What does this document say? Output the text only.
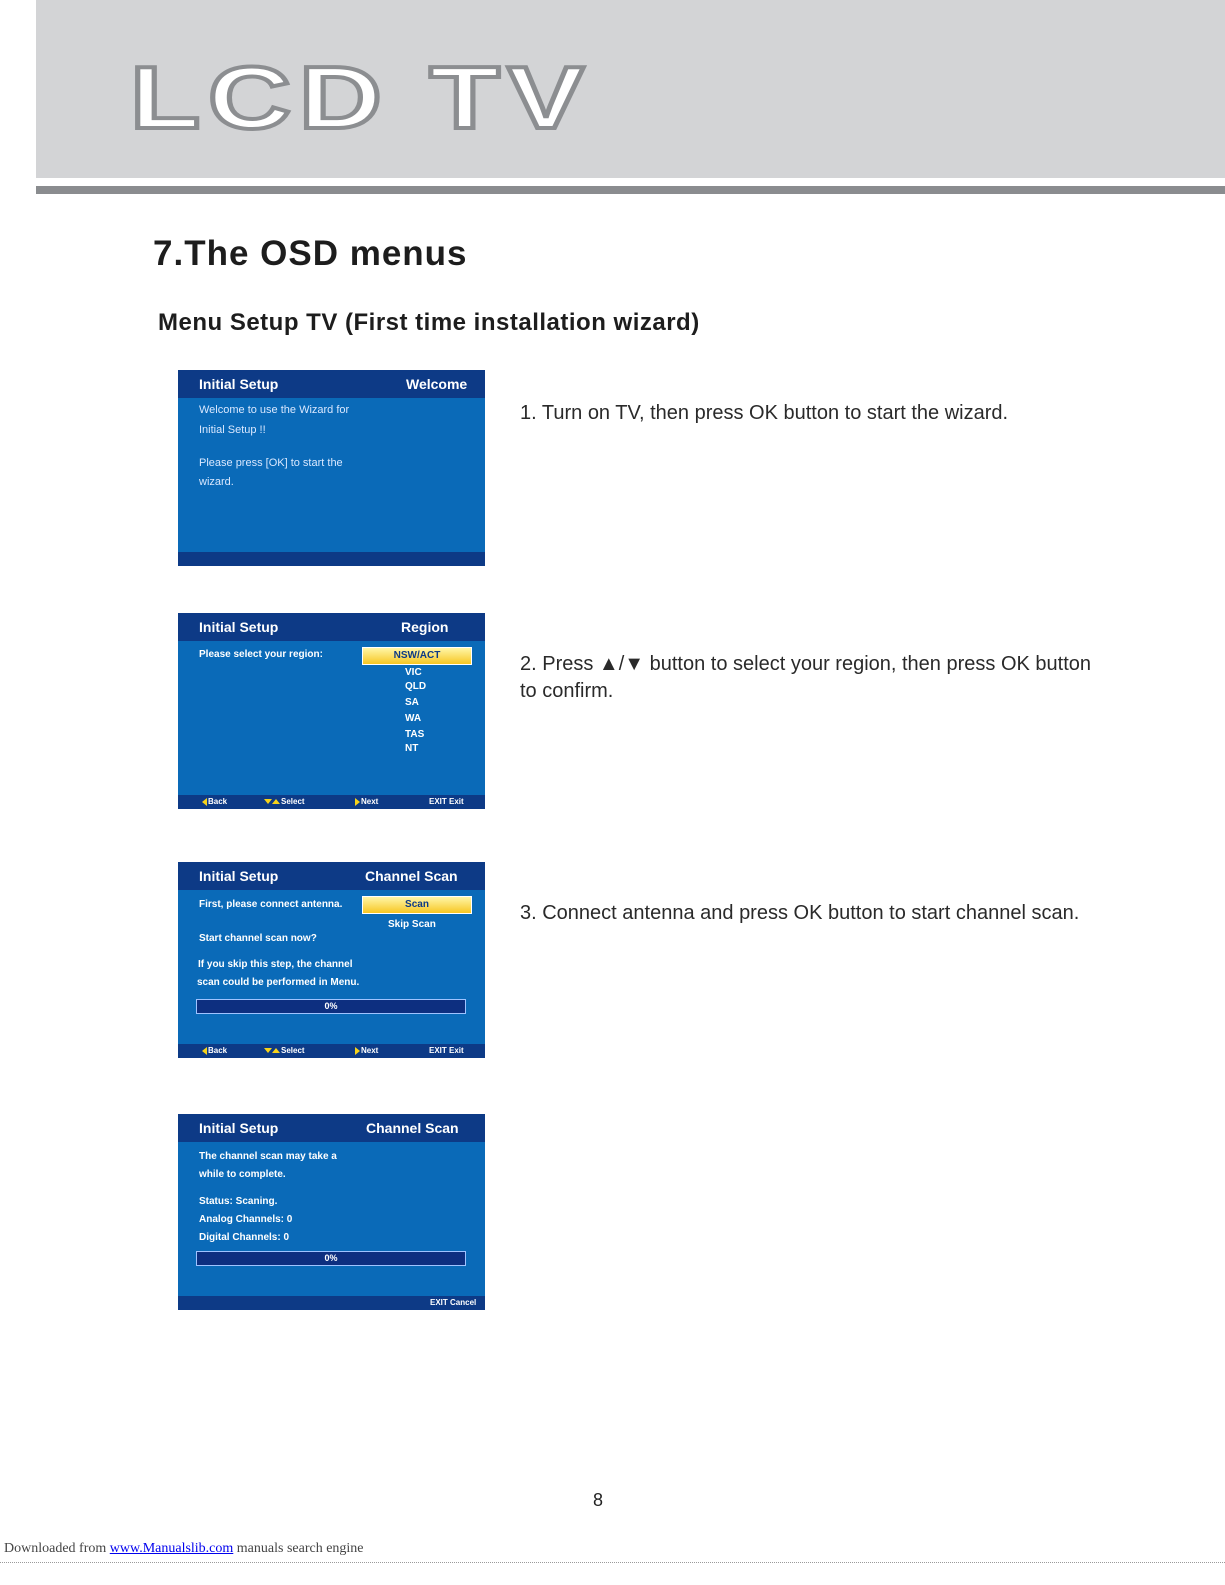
LCD TV
7.The OSD menus
Menu Setup TV (First time installation wizard)
Initial Setup	Welcome
Welcome to use the Wizard for
Initial Setup !!
Please press [OK] to start the
wizard.
Initial Setup	Region
Please select your region:	NSW/ACT
VIC
QLD
SA
WA
TAS
NT
Back	Select	Next	EXIT Exit
Initial Setup	Channel Scan
First, please connect antenna.
Start channel scan now?
If you skip this step, the channel
scan could be performed in Menu.
Scan
Skip Scan
0%
Back	Select	Next	EXIT Exit
Initial Setup	Channel Scan
The channel scan may take a
while to complete.
Status: Scaning.
Analog Channels: 0
Digital Channels: 0
0%
EXIT Cancel

1. Turn on TV, then press OK button to start the wizard.

2. Press ▲/▼ button to select your region, then press OK button to confirm.

3. Connect antenna and press OK button to start channel scan.

8
Downloaded from www.Manualslib.com manuals search engine
